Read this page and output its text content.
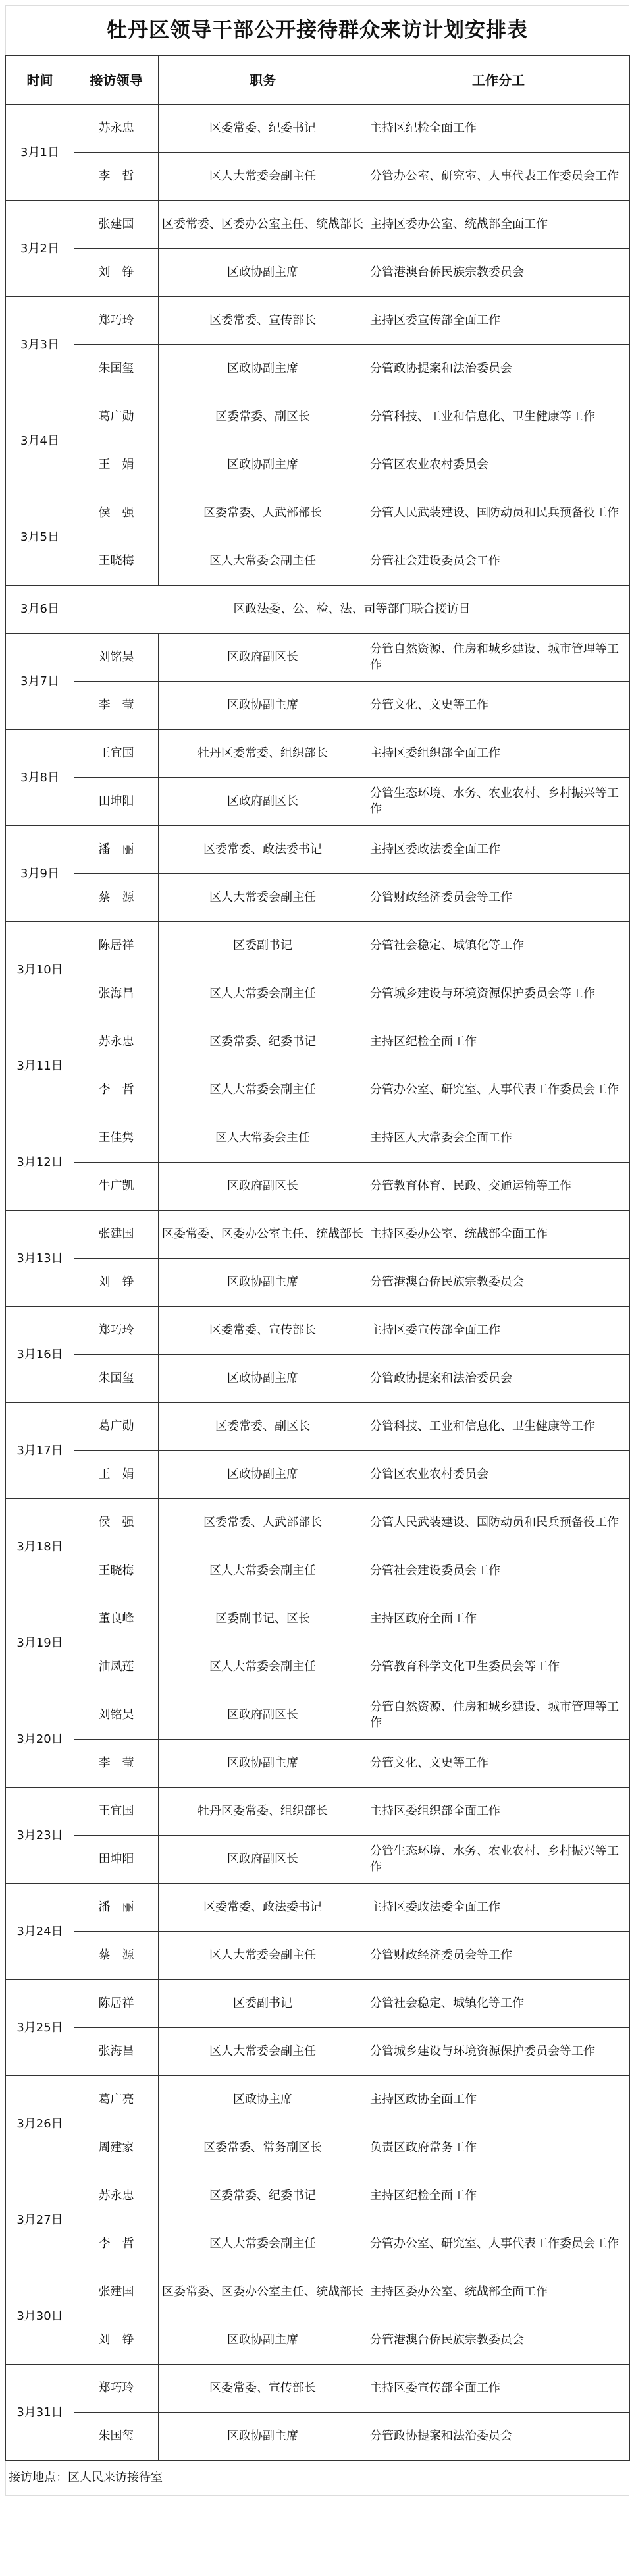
牡丹区领导干部公开接待群众来访计划安排表
时间	接访领导	职务	工作分工
3月1日	苏永忠	区委常委、纪委书记	主持区纪检全面工作
	李　哲	区人大常委会副主任	分管办公室、研究室、人事代表工作委员会工作
3月2日	张建国	区委常委、区委办公室主任、统战部长	主持区委办公室、统战部全面工作
	刘　铮	区政协副主席	分管港澳台侨民族宗教委员会
3月3日	郑巧玲	区委常委、宣传部长	主持区委宣传部全面工作
	朱国玺	区政协副主席	分管政协提案和法治委员会
3月4日	葛广勋	区委常委、副区长	分管科技、工业和信息化、卫生健康等工作
	王　娟	区政协副主席	分管区农业农村委员会
3月5日	侯　强	区委常委、人武部部长	分管人民武装建设、国防动员和民兵预备役工作
	王晓梅	区人大常委会副主任	分管社会建设委员会工作
3月6日	区政法委、公、检、法、司等部门联合接访日		

3月7日	刘铭昊	区政府副区长	分管自然资源、住房和城乡建设、城市管理等工作
	李　莹	区政协副主席	分管文化、文史等工作
3月8日	王宜国	牡丹区委常委、组织部长	主持区委组织部全面工作
	田坤阳	区政府副区长	分管生态环境、水务、农业农村、乡村振兴等工作
3月9日	潘　丽	区委常委、政法委书记	主持区委政法委全面工作
	蔡　源	区人大常委会副主任	分管财政经济委员会等工作
3月10日	陈居祥	区委副书记	分管社会稳定、城镇化等工作
	张海昌	区人大常委会副主任	分管城乡建设与环境资源保护委员会等工作
3月11日	苏永忠	区委常委、纪委书记	主持区纪检全面工作
	李　哲	区人大常委会副主任	分管办公室、研究室、人事代表工作委员会工作
3月12日	王佳隽	区人大常委会主任	主持区人大常委会全面工作
	牛广凯	区政府副区长	分管教育体育、民政、交通运输等工作
3月13日	张建国	区委常委、区委办公室主任、统战部长	主持区委办公室、统战部全面工作
	刘　铮	区政协副主席	分管港澳台侨民族宗教委员会
3月16日	郑巧玲	区委常委、宣传部长	主持区委宣传部全面工作
	朱国玺	区政协副主席	分管政协提案和法治委员会
3月17日	葛广勋	区委常委、副区长	分管科技、工业和信息化、卫生健康等工作
	王　娟	区政协副主席	分管区农业农村委员会
3月18日	侯　强	区委常委、人武部部长	分管人民武装建设、国防动员和民兵预备役工作
	王晓梅	区人大常委会副主任	分管社会建设委员会工作
3月19日	董良峰	区委副书记、区长	主持区政府全面工作
	油凤莲	区人大常委会副主任	分管教育科学文化卫生委员会等工作
3月20日	刘铭昊	区政府副区长	分管自然资源、住房和城乡建设、城市管理等工作
	李　莹	区政协副主席	分管文化、文史等工作
3月23日	王宜国	牡丹区委常委、组织部长	主持区委组织部全面工作
	田坤阳	区政府副区长	分管生态环境、水务、农业农村、乡村振兴等工作
3月24日	潘　丽	区委常委、政法委书记	主持区委政法委全面工作
	蔡　源	区人大常委会副主任	分管财政经济委员会等工作
3月25日	陈居祥	区委副书记	分管社会稳定、城镇化等工作
	张海昌	区人大常委会副主任	分管城乡建设与环境资源保护委员会等工作
3月26日	葛广亮	区政协主席	主持区政协全面工作
	周建家	区委常委、常务副区长	负责区政府常务工作
3月27日	苏永忠	区委常委、纪委书记	主持区纪检全面工作
	李　哲	区人大常委会副主任	分管办公室、研究室、人事代表工作委员会工作
3月30日	张建国	区委常委、区委办公室主任、统战部长	主持区委办公室、统战部全面工作
	刘　铮	区政协副主席	分管港澳台侨民族宗教委员会
3月31日	郑巧玲	区委常委、宣传部长	主持区委宣传部全面工作
	朱国玺	区政协副主席	分管政协提案和法治委员会
接访地点：区人民来访接待室
